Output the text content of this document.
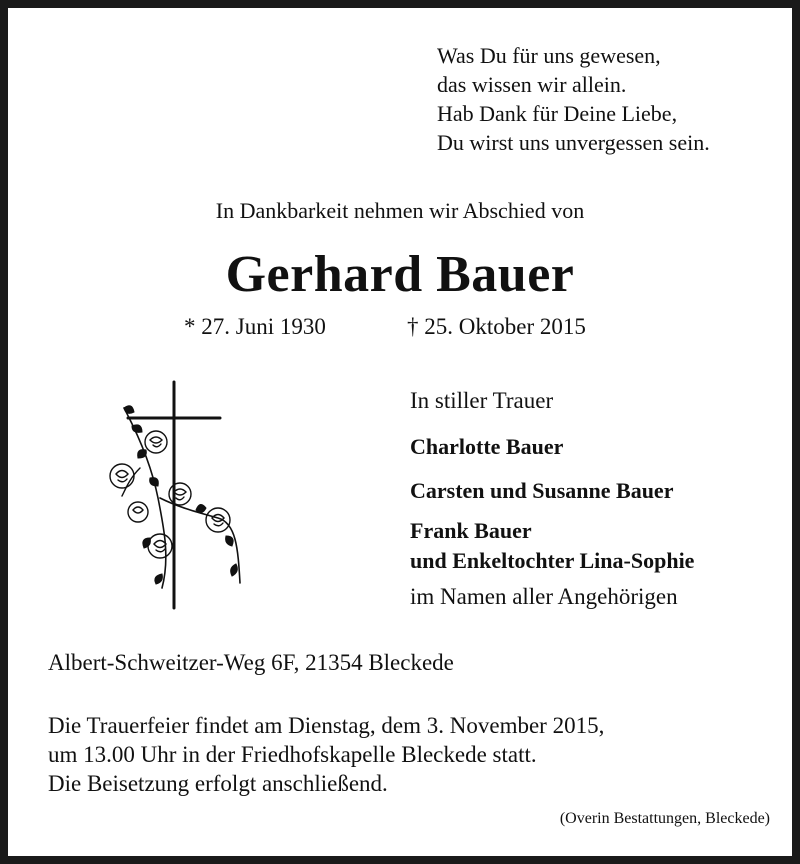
Was Du für uns gewesen,
das wissen wir allein.
Hab Dank für Deine Liebe,
Du wirst uns unvergessen sein.
In Dankbarkeit nehmen wir Abschied von
Gerhard Bauer
* 27. Juni 1930	† 25. Oktober 2015
In stiller Trauer
Charlotte Bauer
Carsten und Susanne Bauer
Frank Bauer
und Enkeltochter Lina-Sophie
im Namen aller Angehörigen
Albert-Schweitzer-Weg 6F, 21354 Bleckede
Die Trauerfeier findet am Dienstag, dem 3. November 2015,
um 13.00 Uhr in der Friedhofskapelle Bleckede statt.
Die Beisetzung erfolgt anschließend.
(Overin Bestattungen, Bleckede)
